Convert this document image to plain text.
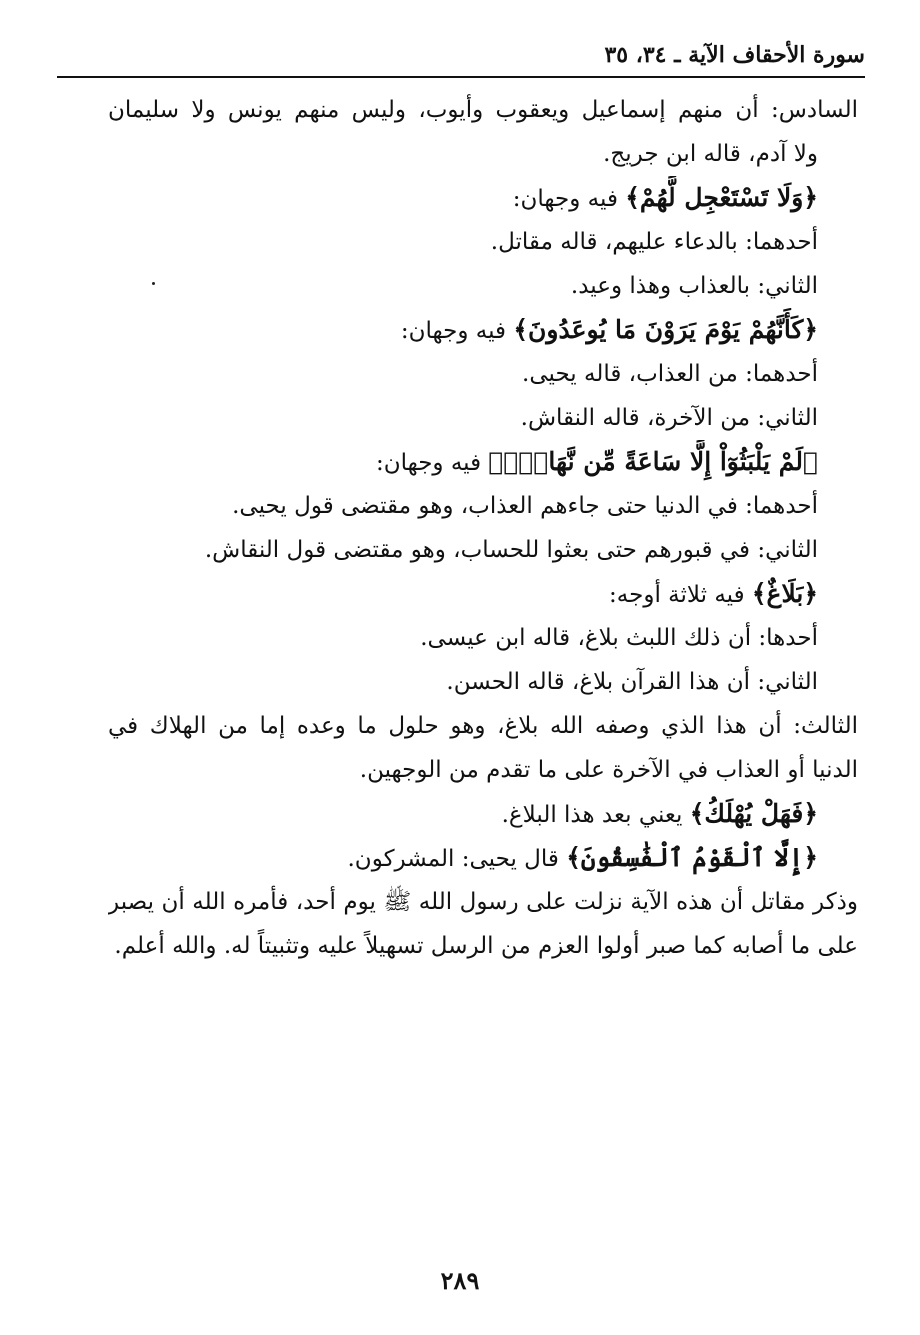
سورة الأحقاف الآية ـ ٣٤، ٣٥
السادس: أن منهم إسماعيل ويعقوب وأيوب، وليس منهم يونس ولا سليمان
ولا آدم، قاله ابن جريج.
﴿وَلَا تَسْتَعْجِل لَّهُمْ﴾ فيه وجهان:
أحدهما: بالدعاء عليهم، قاله مقاتل.
الثاني: بالعذاب وهذا وعيد.
﴿كَأَنَّهُمْ يَوْمَ يَرَوْنَ مَا يُوعَدُونَ﴾ فيه وجهان:
أحدهما: من العذاب، قاله يحيى.
الثاني: من الآخرة، قاله النقاش.
﴿لَمْ يَلْبَثُوٓاْ إِلَّا سَاعَةً مِّن نَّهَارٍۭ﴾ فيه وجهان:
أحدهما: في الدنيا حتى جاءهم العذاب، وهو مقتضى قول يحيى.
الثاني: في قبورهم حتى بعثوا للحساب، وهو مقتضى قول النقاش.
﴿بَلَاغٌ﴾ فيه ثلاثة أوجه:
أحدها: أن ذلك اللبث بلاغ، قاله ابن عيسى.
الثاني: أن هذا القرآن بلاغ، قاله الحسن.
الثالث: أن هذا الذي وصفه الله بلاغ، وهو حلول ما وعده إما من الهلاك في
الدنيا أو العذاب في الآخرة على ما تقدم من الوجهين.
﴿فَهَلْ يُهْلَكُ﴾ يعني بعد هذا البلاغ.
﴿إِلَّا ٱلْقَوْمُ ٱلْفَٰسِقُونَ﴾ قال يحيى: المشركون.
وذكر مقاتل أن هذه الآية نزلت على رسول الله ﷺ يوم أحد، فأمره الله أن يصبر
على ما أصابه كما صبر أولوا العزم من الرسل تسهيلاً عليه وتثبيتاً له. والله أعلم.
٢٨٩
